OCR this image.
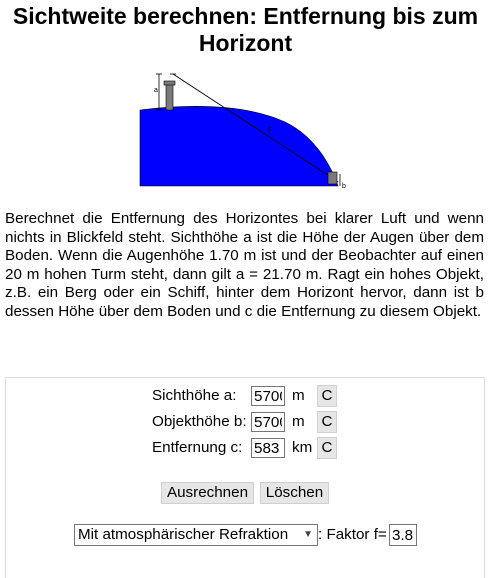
Sichtweite berechnen: Entfernung bis zum Horizont
a
c
b

Berechnet die Entfernung des Horizontes bei klarer Luft und wenn nichts in Blickfeld steht. Sichthöhe a ist die Höhe der Augen über dem Boden. Wenn die Augenhöhe 1.70 m ist und der Beobachter auf einen 20 m hohen Turm steht, dann gilt a = 21.70 m. Ragt ein hohes Objekt, z.B. ein Berg oder ein Schiff, hinter dem Horizont hervor, dann ist b dessen Höhe über dem Boden und c die Entfernung zu diesem Objekt.

Sichthöhe a:
5700	m C
Objekthöhe b:
5700	m C
Entfernung c:
583	km C
Ausrechnen	Löschen
Mit atmosphärischer Refraktion ▼ : Faktor f=
3.86
